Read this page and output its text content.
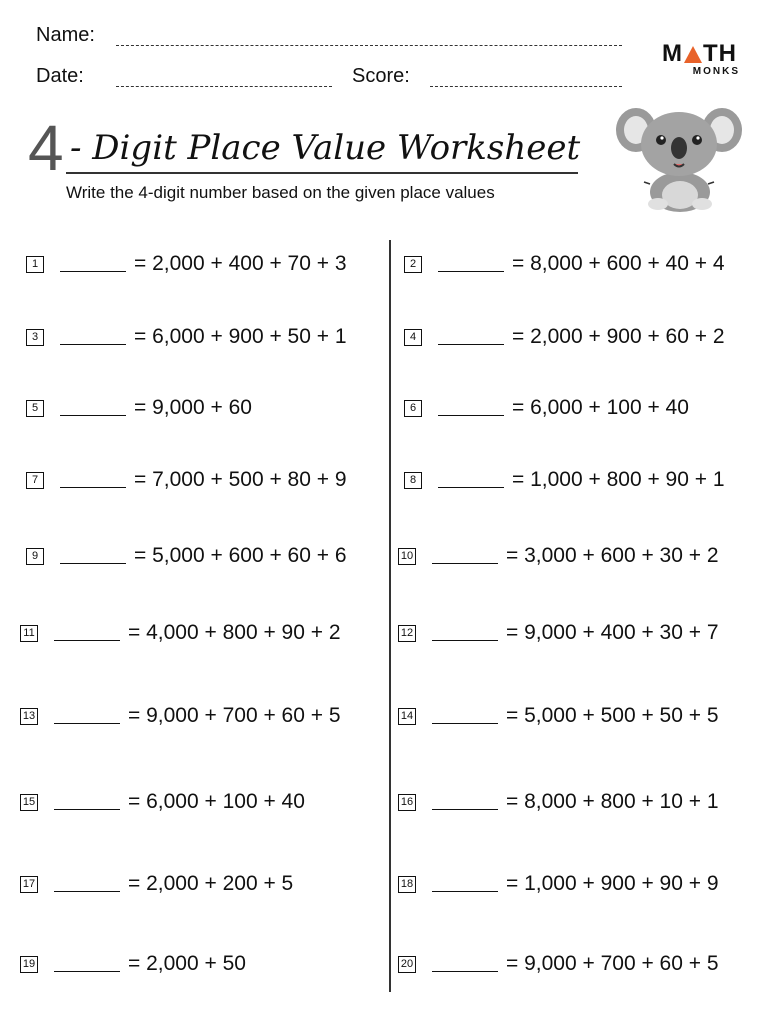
Name:
Date:	Score:
M TH
MONKS
4 - Digit Place Value Worksheet
Write the 4-digit number based on the given place values
1	= 2,000 + 400 + 70 + 3	2	= 8,000 + 600 + 40 + 4
3	= 6,000 + 900 + 50 + 1	4	= 2,000 + 900 + 60 + 2
5	= 9,000 + 60	6	= 6,000 + 100 + 40
7	= 7,000 + 500 + 80 + 9	8	= 1,000 + 800 + 90 + 1
9	= 5,000 + 600 + 60 + 6	10	= 3,000 + 600 + 30 + 2
11	= 4,000 + 800 + 90 + 2	12	= 9,000 + 400 + 30 + 7
13	= 9,000 + 700 + 60 + 5	14	= 5,000 + 500 + 50 + 5
15	= 6,000 + 100 + 40	16	= 8,000 + 800 + 10 + 1
17	= 2,000 + 200 + 5	18	= 1,000 + 900 + 90 + 9
19	= 2,000 + 50	20	= 9,000 + 700 + 60 + 5
